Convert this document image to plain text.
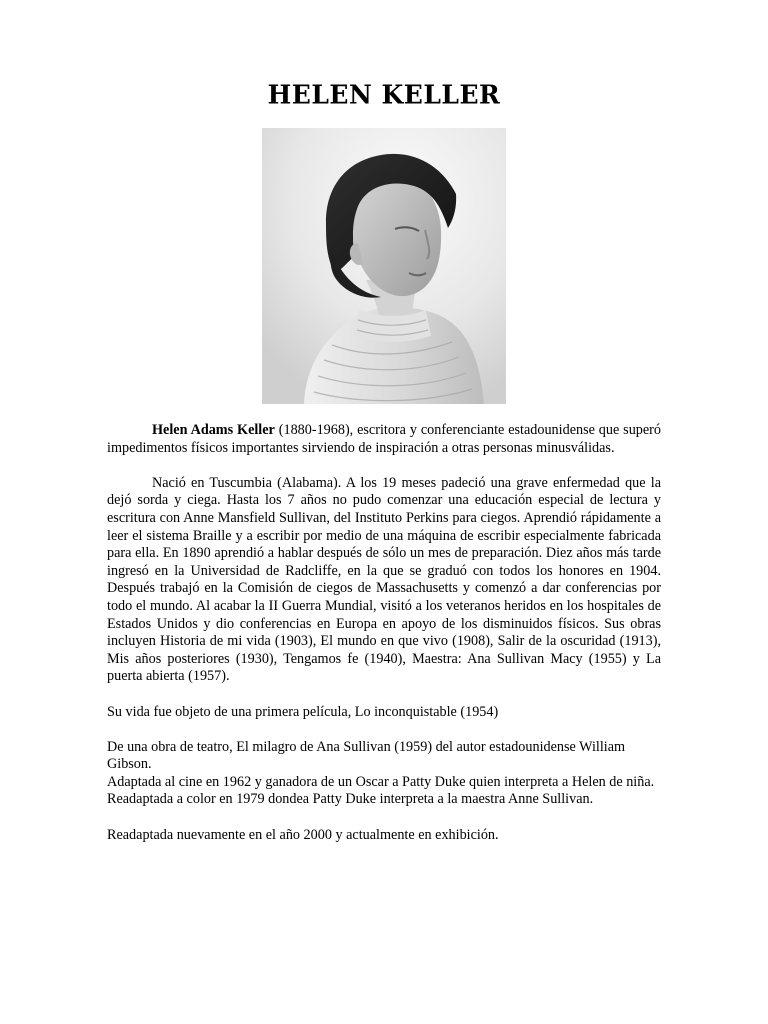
HELEN KELLER

Helen Adams Keller (1880-1968), escritora y conferenciante estadounidense que superó impedimentos físicos importantes sirviendo de inspiración a otras personas minusválidas.

Nació en Tuscumbia (Alabama). A los 19 meses padeció una grave enfermedad que la dejó sorda y ciega. Hasta los 7 años no pudo comenzar una educación especial de lectura y escritura con Anne Mansfield Sullivan, del Instituto Perkins para ciegos. Aprendió rápidamente a leer el sistema Braille y a escribir por medio de una máquina de escribir especialmente fabricada para ella. En 1890 aprendió a hablar después de sólo un mes de preparación. Diez años más tarde ingresó en la Universidad de Radcliffe, en la que se graduó con todos los honores en 1904. Después trabajó en la Comisión de ciegos de Massachusetts y comenzó a dar conferencias por todo el mundo. Al acabar la II Guerra Mundial, visitó a los veteranos heridos en los hospitales de Estados Unidos y dio conferencias en Europa en apoyo de los disminuidos físicos. Sus obras incluyen Historia de mi vida (1903), El mundo en que vivo (1908), Salir de la oscuridad (1913), Mis años posteriores (1930), Tengamos fe (1940), Maestra: Ana Sullivan Macy (1955) y La puerta abierta (1957).

Su vida fue objeto de una primera película, Lo inconquistable (1954)

De una obra de teatro, El milagro de Ana Sullivan (1959) del autor estadounidense William Gibson.

Adaptada al cine en 1962 y ganadora de un Oscar a Patty Duke quien interpreta a Helen de niña.

Readaptada a color en 1979 dondea Patty Duke interpreta a la maestra Anne Sullivan.

Readaptada nuevamente en el año 2000 y actualmente en exhibición.
